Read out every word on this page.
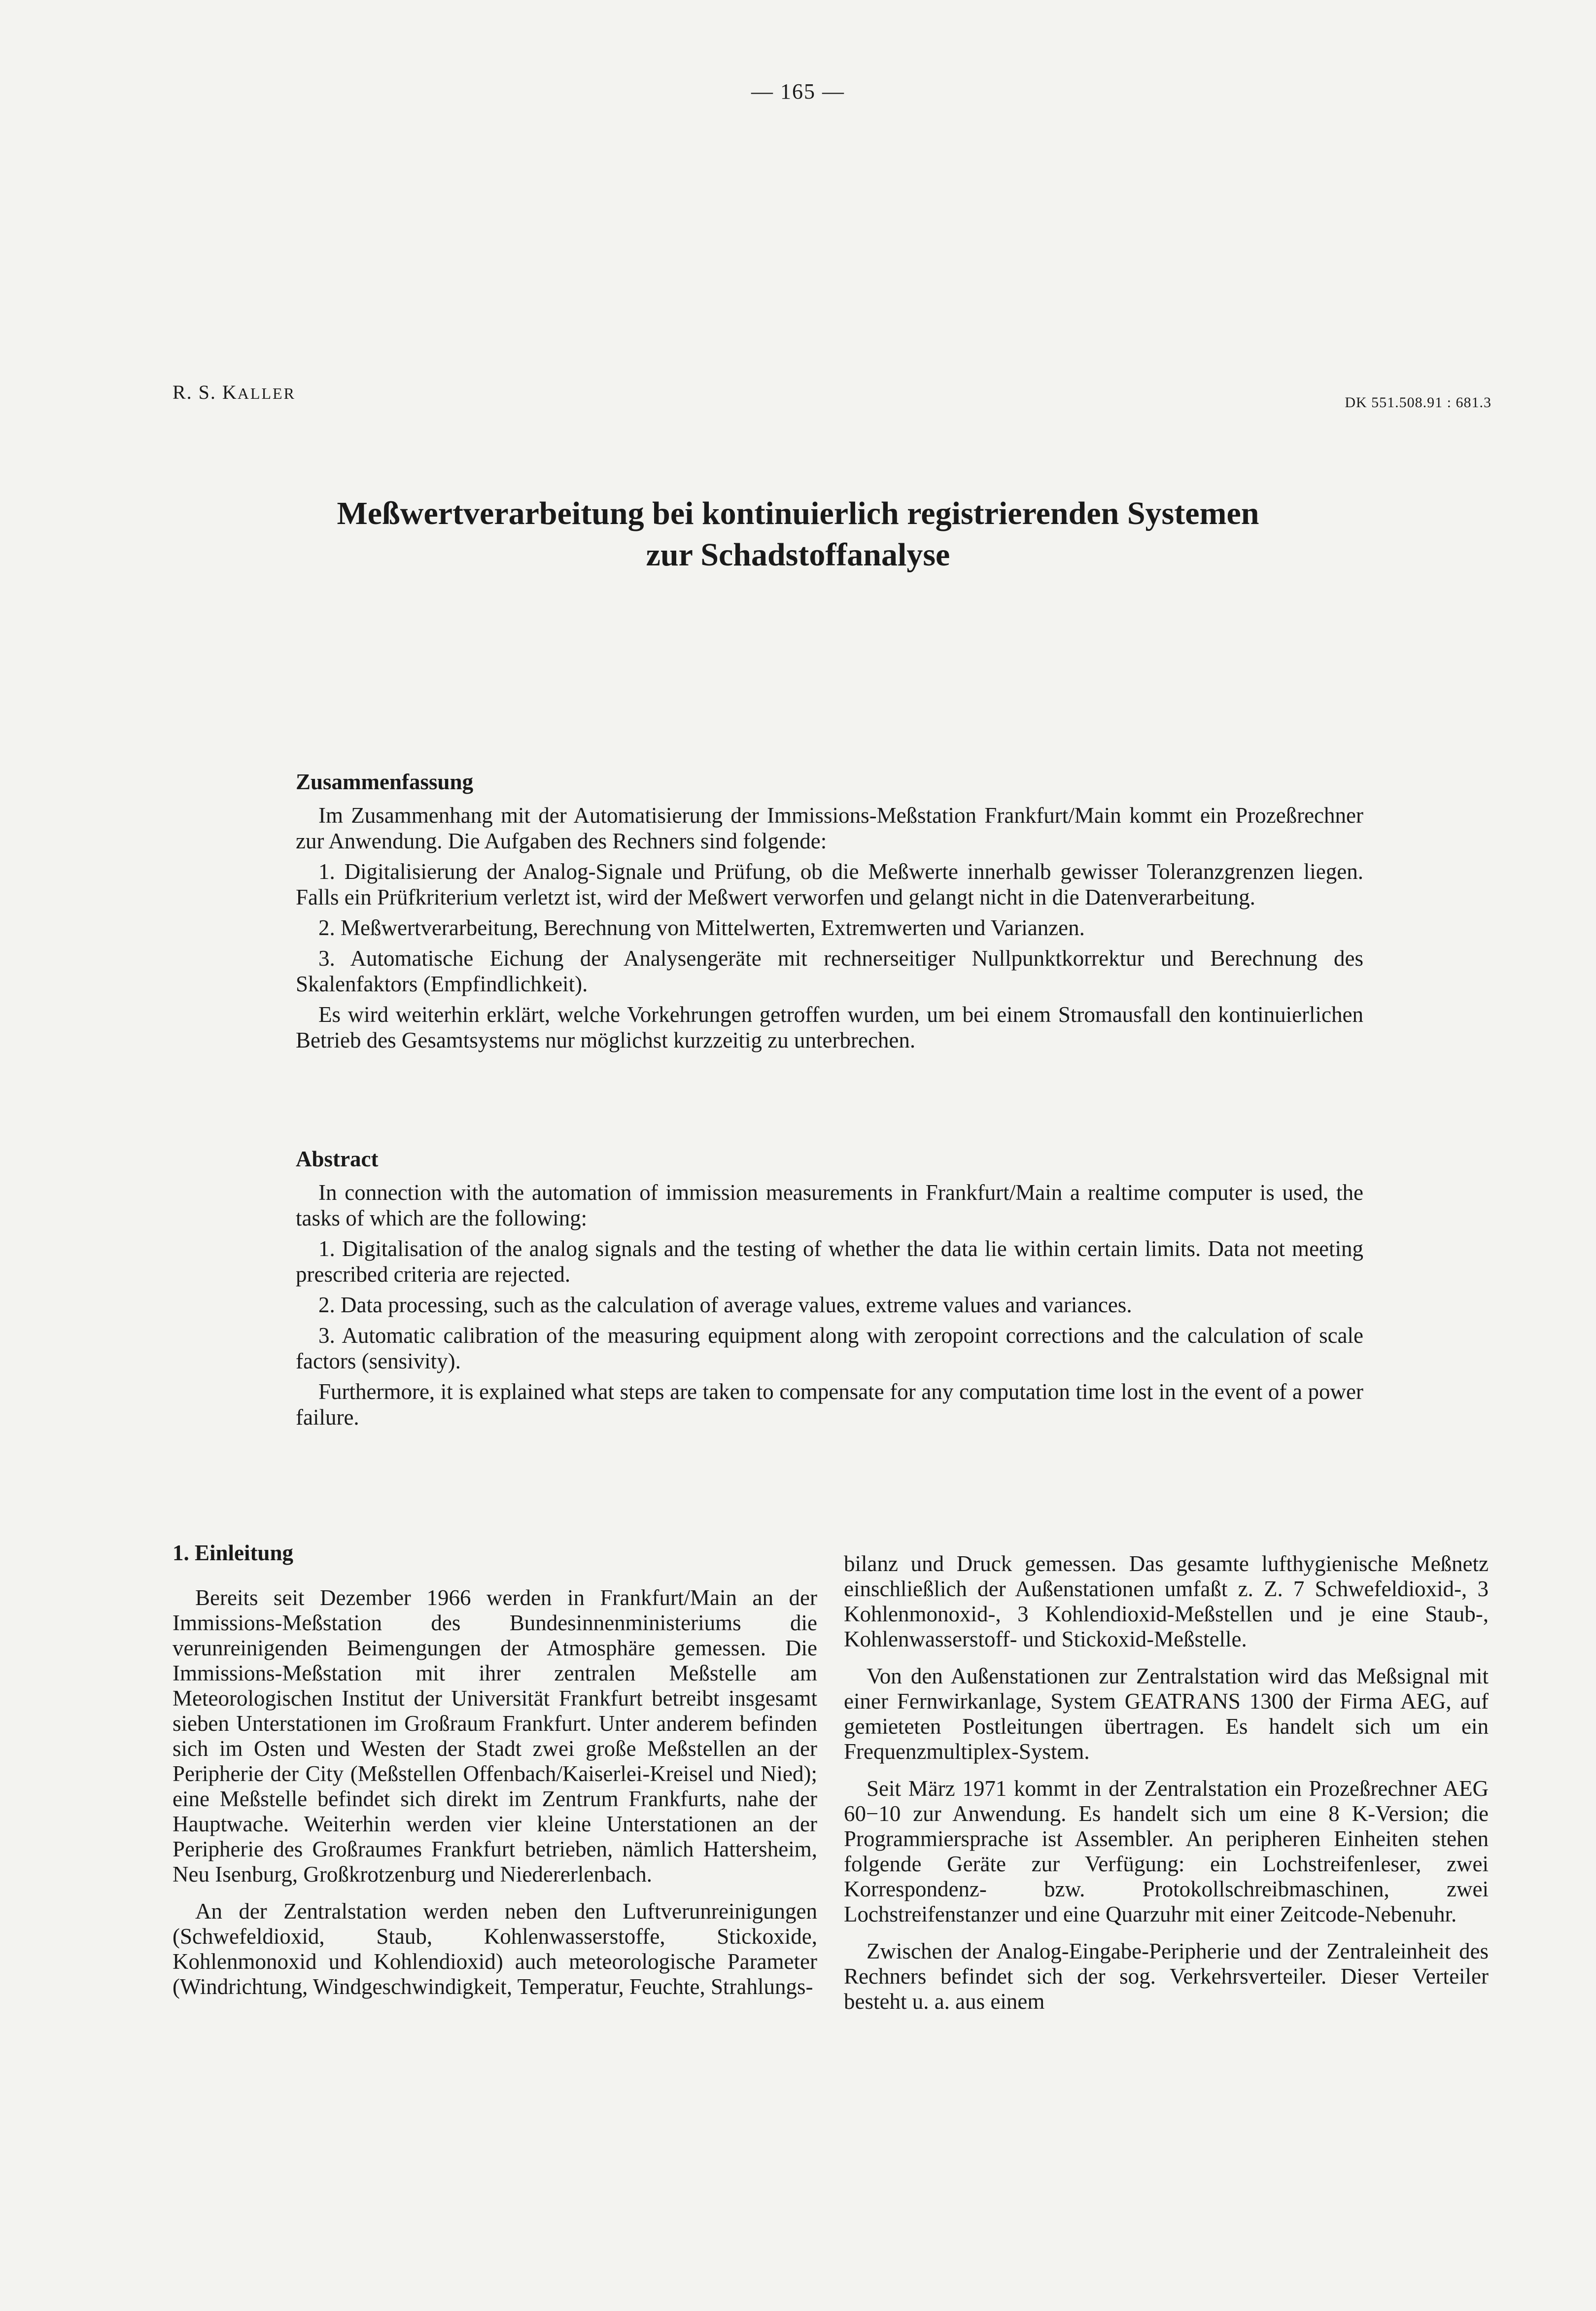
— 165 —
R. S. KALLER
DK 551.508.91 : 681.3
Meßwertverarbeitung bei kontinuierlich registrierenden Systemen
zur Schadstoffanalyse
Zusammenfassung

Im Zusammenhang mit der Automatisierung der Immissions-Meßstation Frankfurt/Main kommt ein Prozeßrechner zur Anwendung. Die Aufgaben des Rechners sind folgende:

1. Digitalisierung der Analog-Signale und Prüfung, ob die Meßwerte innerhalb gewisser Toleranzgrenzen liegen. Falls ein Prüfkriterium verletzt ist, wird der Meßwert verworfen und gelangt nicht in die Datenverarbeitung.

2. Meßwertverarbeitung, Berechnung von Mittelwerten, Extremwerten und Varianzen.

3. Automatische Eichung der Analysengeräte mit rechnerseitiger Nullpunktkorrektur und Berechnung des Skalenfaktors (Empfindlichkeit).

Es wird weiterhin erklärt, welche Vorkehrungen getroffen wurden, um bei einem Stromausfall den kontinuierlichen Betrieb des Gesamtsystems nur möglichst kurzzeitig zu unterbrechen.

Abstract

In connection with the automation of immission measurements in Frankfurt/Main a realtime computer is used, the tasks of which are the following:

1. Digitalisation of the analog signals and the testing of whether the data lie within certain limits. Data not meeting prescribed criteria are rejected.

2. Data processing, such as the calculation of average values, extreme values and variances.

3. Automatic calibration of the measuring equipment along with zeropoint corrections and the calculation of scale factors (sensivity).

Furthermore, it is explained what steps are taken to compensate for any computation time lost in the event of a power failure.

1. Einleitung

Bereits seit Dezember 1966 werden in Frankfurt/Main an der Immissions-Meßstation des Bundesinnenministeriums die verunreinigenden Beimengungen der Atmosphäre gemessen. Die Immissions-Meßstation mit ihrer zentralen Meßstelle am Meteorologischen Institut der Universität Frankfurt betreibt insgesamt sieben Unterstationen im Großraum Frankfurt. Unter anderem befinden sich im Osten und Westen der Stadt zwei große Meßstellen an der Peripherie der City (Meßstellen Offenbach/Kaiserlei-Kreisel und Nied); eine Meßstelle befindet sich direkt im Zentrum Frankfurts, nahe der Hauptwache. Weiterhin werden vier kleine Unterstationen an der Peripherie des Großraumes Frankfurt betrieben, nämlich Hattersheim, Neu Isenburg, Großkrotzenburg und Niedererlenbach.

An der Zentralstation werden neben den Luftverunreinigungen (Schwefeldioxid, Staub, Kohlenwasserstoffe, Stickoxide, Kohlenmonoxid und Kohlendioxid) auch meteorologische Parameter (Windrichtung, Windgeschwindigkeit, Temperatur, Feuchte, Strahlungs-

bilanz und Druck gemessen. Das gesamte lufthygienische Meßnetz einschließlich der Außenstationen umfaßt z. Z. 7 Schwefeldioxid-, 3 Kohlenmonoxid-, 3 Kohlendioxid-Meßstellen und je eine Staub-, Kohlenwasserstoff- und Stickoxid-Meßstelle.

Von den Außenstationen zur Zentralstation wird das Meßsignal mit einer Fernwirkanlage, System GEATRANS 1300 der Firma AEG, auf gemieteten Postleitungen übertragen. Es handelt sich um ein Frequenzmultiplex-System.

Seit März 1971 kommt in der Zentralstation ein Prozeßrechner AEG 60−10 zur Anwendung. Es handelt sich um eine 8 K-Version; die Programmiersprache ist Assembler. An peripheren Einheiten stehen folgende Geräte zur Verfügung: ein Lochstreifenleser, zwei Korrespondenz- bzw. Protokollschreibmaschinen, zwei Lochstreifenstanzer und eine Quarzuhr mit einer Zeitcode-Nebenuhr.

Zwischen der Analog-Eingabe-Peripherie und der Zentraleinheit des Rechners befindet sich der sog. Verkehrsverteiler. Dieser Verteiler besteht u. a. aus einem
